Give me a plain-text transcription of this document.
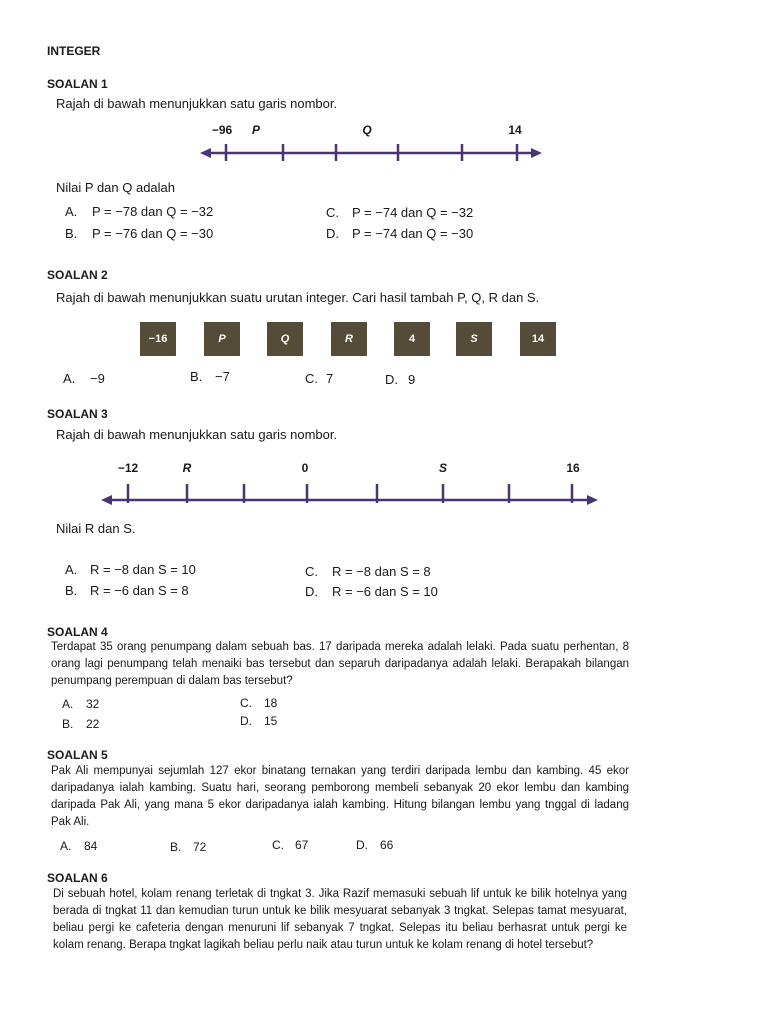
INTEGER
SOALAN 1
Rajah di bawah menunjukkan satu garis nombor.
−96	P	Q	14
Nilai P dan Q adalah
A. P = −78 dan Q = −32
B. P = −76 dan Q = −30
C. P = −74 dan Q = −32
D. P = −74 dan Q = −30
SOALAN 2
Rajah di bawah menunjukkan suatu urutan integer. Cari hasil tambah P, Q, R dan S.
−16	P	Q	R	4	S	14
A. −9	B. −7	C. 7	D. 9
SOALAN 3
Rajah di bawah menunjukkan satu garis nombor.
−12	R	0	S	16
Nilai R dan S.
A. R = −8 dan S = 10
B. R = −6 dan S = 8
C. R = −8 dan S = 8
D. R = −6 dan S = 10
SOALAN 4
Terdapat 35 orang penumpang dalam sebuah bas. 17 daripada mereka adalah lelaki. Pada suatu perhentan, 8 orang lagi penumpang telah menaiki bas tersebut dan separuh daripadanya adalah lelaki. Berapakah bilangan penumpang perempuan di dalam bas tersebut?
A. 32
B. 22
C. 18
D. 15
SOALAN 5
Pak Ali mempunyai sejumlah 127 ekor binatang ternakan yang terdiri daripada lembu dan kambing. 45 ekor daripadanya ialah kambing. Suatu hari, seorang pemborong membeli sebanyak 20 ekor lembu dan kambing daripada Pak Ali, yang mana 5 ekor daripadanya ialah kambing. Hitung bilangan lembu yang tnggal di ladang Pak Ali.
A. 84	B. 72	C. 67	D. 66
SOALAN 6
Di sebuah hotel, kolam renang terletak di tngkat 3. Jika Razif memasuki sebuah lif untuk ke bilik hotelnya yang berada di tngkat 11 dan kemudian turun untuk ke bilik mesyuarat sebanyak 3 tngkat. Selepas tamat mesyuarat, beliau pergi ke cafeteria dengan menuruni lif sebanyak 7 tngkat. Selepas itu beliau berhasrat untuk pergi ke kolam renang. Berapa tngkat lagikah beliau perlu naik atau turun untuk ke kolam renang di hotel tersebut?
